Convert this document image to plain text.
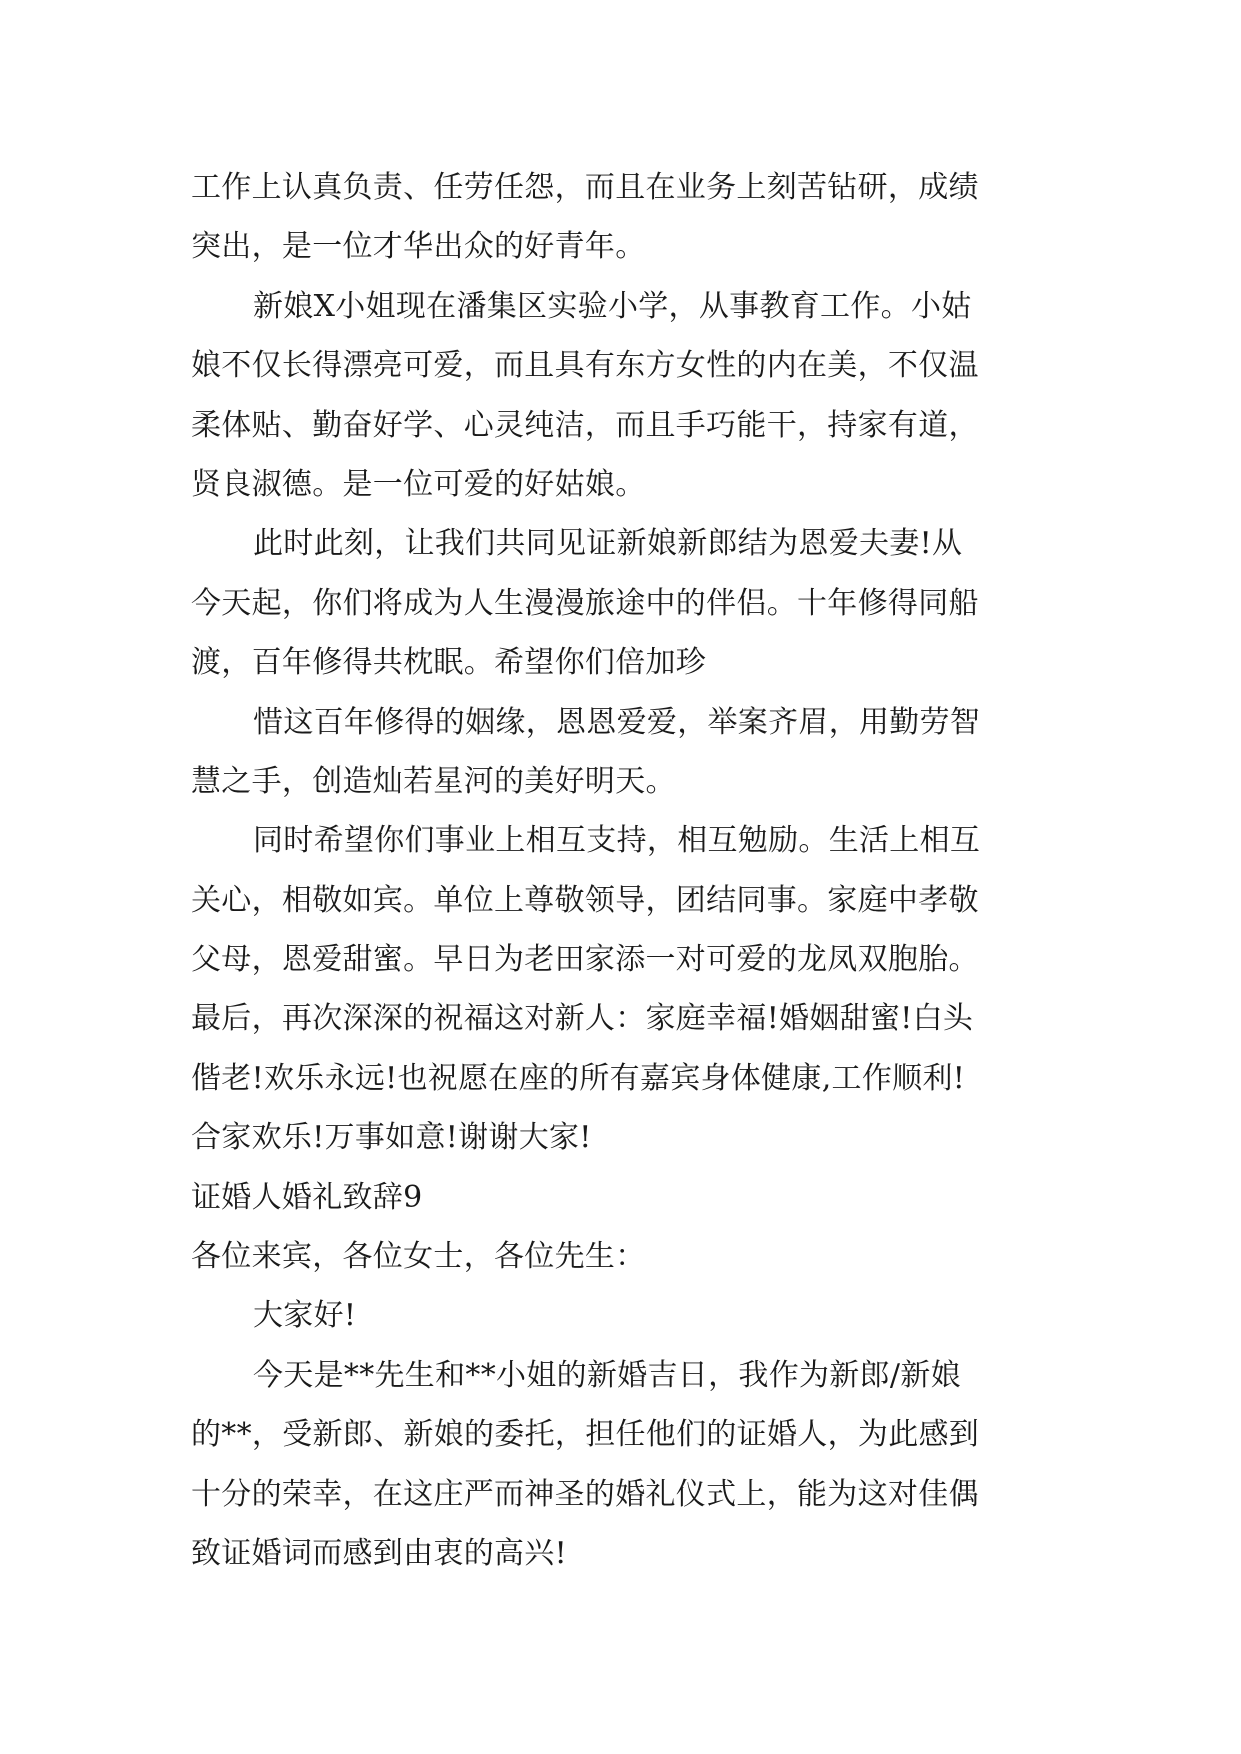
工作上认真负责、任劳任怨，而且在业务上刻苦钻研，成绩
突出，是一位才华出众的好青年。
新娘X小姐现在潘集区实验小学，从事教育工作。小姑
娘不仅长得漂亮可爱，而且具有东方女性的内在美，不仅温
柔体贴、勤奋好学、心灵纯洁，而且手巧能干，持家有道，
贤良淑德。是一位可爱的好姑娘。
此时此刻，让我们共同见证新娘新郎结为恩爱夫妻!从
今天起，你们将成为人生漫漫旅途中的伴侣。十年修得同船
渡，百年修得共枕眠。希望你们倍加珍
惜这百年修得的姻缘，恩恩爱爱，举案齐眉，用勤劳智
慧之手，创造灿若星河的美好明天。
同时希望你们事业上相互支持，相互勉励。生活上相互
关心，相敬如宾。单位上尊敬领导，团结同事。家庭中孝敬
父母，恩爱甜蜜。早日为老田家添一对可爱的龙凤双胞胎。
最后，再次深深的祝福这对新人：家庭幸福!婚姻甜蜜!白头
偕老!欢乐永远!也祝愿在座的所有嘉宾身体健康,工作顺利!
合家欢乐!万事如意!谢谢大家!
证婚人婚礼致辞9
各位来宾，各位女士，各位先生：
大家好!
今天是**先生和**小姐的新婚吉日，我作为新郎/新娘
的**，受新郎、新娘的委托，担任他们的证婚人，为此感到
十分的荣幸，在这庄严而神圣的婚礼仪式上，能为这对佳偶
致证婚词而感到由衷的高兴!
